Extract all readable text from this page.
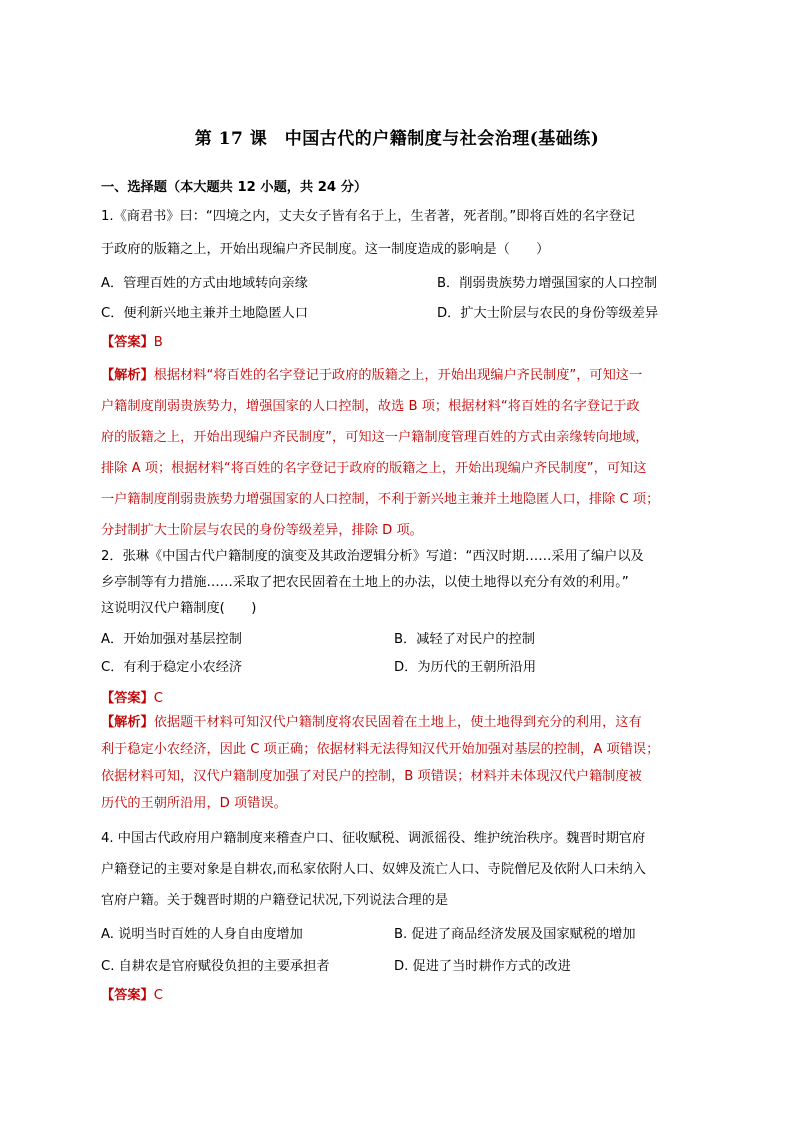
第 17 课　中国古代的户籍制度与社会治理(基础练)
一、选择题（本大题共 12 小题，共 24 分）
1.《商君书》曰：“四境之内，丈夫女子皆有名于上，生者著，死者削。”即将百姓的名字登记
于政府的版籍之上，开始出现编户齐民制度。这一制度造成的影响是（　　）
A．管理百姓的方式由地域转向亲缘	B．削弱贵族势力增强国家的人口控制
C．便利新兴地主兼并土地隐匿人口	D．扩大士阶层与农民的身份等级差异
【答案】B
【解析】根据材料“将百姓的名字登记于政府的版籍之上，开始出现编户齐民制度”，可知这一
户籍制度削弱贵族势力，增强国家的人口控制，故选 B 项；根据材料“将百姓的名字登记于政
府的版籍之上，开始出现编户齐民制度”，可知这一户籍制度管理百姓的方式由亲缘转向地域，
排除 A 项；根据材料“将百姓的名字登记于政府的版籍之上，开始出现编户齐民制度”，可知这
一户籍制度削弱贵族势力增强国家的人口控制，不利于新兴地主兼并土地隐匿人口，排除 C 项；
分封制扩大士阶层与农民的身份等级差异，排除 D 项。
2．张琳《中国古代户籍制度的演变及其政治逻辑分析》写道：“西汉时期……采用了编户以及
乡亭制等有力措施……采取了把农民固着在土地上的办法，以使土地得以充分有效的利用。”
这说明汉代户籍制度(　　)
A．开始加强对基层控制	B．减轻了对民户的控制
C．有利于稳定小农经济	D．为历代的王朝所沿用
【答案】C
【解析】依据题干材料可知汉代户籍制度将农民固着在土地上，使土地得到充分的利用，这有
利于稳定小农经济，因此 C 项正确；依据材料无法得知汉代开始加强对基层的控制，A 项错误；
依据材料可知，汉代户籍制度加强了对民户的控制，B 项错误；材料并未体现汉代户籍制度被
历代的王朝所沿用，D 项错误。
4. 中国古代政府用户籍制度来稽查户口、征收赋税、调派徭役、维护统治秩序。魏晋时期官府
户籍登记的主要对象是自耕农,而私家依附人口、奴婢及流亡人口、寺院僧尼及依附人口未纳入
官府户籍。关于魏晋时期的户籍登记状况,下列说法合理的是
A. 说明当时百姓的人身自由度增加	B. 促进了商品经济发展及国家赋税的增加
C. 自耕农是官府赋役负担的主要承担者	D. 促进了当时耕作方式的改进
【答案】C
